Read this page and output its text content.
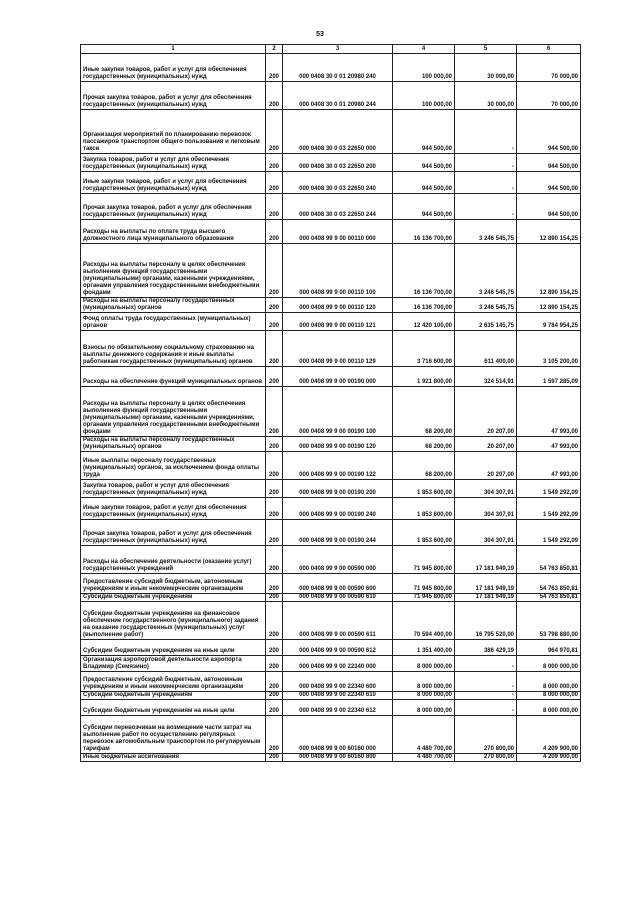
53
1	2	3	4	5	6
Иные закупки товаров, работ и услуг для обеспечения государственных (муниципальных) нужд	200	000 0408 30 0 01 20980 240	100 000,00	30 000,00	70 000,00
Прочая закупка товаров, работ и услуг для обеспечения государственных (муниципальных) нужд	200	000 0408 30 0 01 20980 244	100 000,00	30 000,00	70 000,00
Организация мероприятий по планированию перевозок пассажиров транспортом общего пользования и легковым такси	200	000 0408 30 0 03 22650 000	944 500,00	-	944 500,00
Закупка товаров, работ и услуг для обеспечения государственных (муниципальных) нужд	200	000 0408 30 0 03 22650 200	944 500,00	-	944 500,00
Иные закупки товаров, работ и услуг для обеспечения государственных (муниципальных) нужд	200	000 0408 30 0 03 22650 240	944 500,00	-	944 500,00
Прочая закупка товаров, работ и услуг для обеспечения государственных (муниципальных) нужд	200	000 0408 30 0 03 22650 244	944 500,00	-	944 500,00
Расходы на выплаты по оплате труда высшего должностного лица муниципального образования	200	000 0408 99 9 00 00110 000	16 136 700,00	3 246 545,75	12 890 154,25
Расходы на выплаты персоналу в целях обеспечения выполнения функций государственными (муниципальными) органами, казенными учреждениями, органами управления государственными внебюджетными фондами	200	000 0408 99 9 00 00110 100	16 136 700,00	3 246 545,75	12 890 154,25
Расходы на выплаты персоналу государственных (муниципальных) органов	200	000 0408 99 9 00 00110 120	16 136 700,00	3 246 545,75	12 890 154,25
Фонд оплаты труда государственных (муниципальных) органов	200	000 0408 99 9 00 00110 121	12 420 100,00	2 635 145,75	9 784 954,25
Взносы по обязательному социальному страхованию на выплаты денежного содержания и иные выплаты работникам государственных (муниципальных) органов	200	000 0408 99 9 00 00110 129	3 716 600,00	611 400,00	3 105 200,00
Расходы на обеспечение функций муниципальных органов	200	000 0408 99 9 00 00190 000	1 921 800,00	324 514,91	1 597 285,09
Расходы на выплаты персоналу в целях обеспечения выполнения функций государственными (муниципальными) органами, казенными учреждениями, органами управления государственными внебюджетными фондами	200	000 0408 99 9 00 00190 100	68 200,00	20 207,00	47 993,00
Расходы на выплаты персоналу государственных (муниципальных) органов	200	000 0408 99 9 00 00190 120	68 200,00	20 207,00	47 993,00
Иные выплаты персоналу государственных (муниципальных) органов, за исключением фонда оплаты труда	200	000 0408 99 9 00 00190 122	68 200,00	20 207,00	47 993,00
Закупка товаров, работ и услуг для обеспечения государственных (муниципальных) нужд	200	000 0408 99 9 00 00190 200	1 853 600,00	304 307,91	1 549 292,09
Иные закупки товаров, работ и услуг для обеспечения государственных (муниципальных) нужд	200	000 0408 99 9 00 00190 240	1 853 600,00	304 307,91	1 549 292,09
Прочая закупка товаров, работ и услуг для обеспечения государственных (муниципальных) нужд	200	000 0408 99 9 00 00190 244	1 853 600,00	304 307,91	1 549 292,09
Расходы на обеспечение деятельности (оказание услуг) государственных учреждений	200	000 0408 99 9 00 00590 000	71 945 800,00	17 181 949,19	54 763 850,81
Предоставление субсидий бюджетным, автономным учреждениям и иным некоммерческим организациям	200	000 0408 99 9 00 00590 600	71 945 800,00	17 181 949,19	54 763 850,81
Субсидии бюджетным учреждениям	200	000 0408 99 9 00 00590 610	71 945 800,00	17 181 949,19	54 763 850,81
Субсидии бюджетным учреждениям на финансовое обеспечение государственного (муниципального) задания на оказание государственных (муниципальных) услуг (выполнение работ)	200	000 0408 99 9 00 00590 611	70 594 400,00	16 795 520,00	53 798 880,00
Субсидии бюджетным учреждениям на иные цели	200	000 0408 99 9 00 00590 612	1 351 400,00	386 429,19	964 970,81
Организация аэропортовой деятельности аэропорта Владимир (Семязино)	200	000 0408 99 9 00 22340 000	8 000 000,00	-	8 000 000,00
Предоставление субсидий бюджетным, автономным учреждениям и иным некоммерческим организациям	200	000 0408 99 9 00 22340 600	8 000 000,00	-	8 000 000,00
Субсидии бюджетным учреждениям	200	000 0408 99 9 00 22340 610	8 000 000,00	-	8 000 000,00
Субсидии бюджетным учреждениям на иные цели	200	000 0408 99 9 00 22340 612	8 000 000,00	-	8 000 000,00
Субсидии перевозчикам на возмещение части затрат на выполнение работ по осуществлению регулярных перевозок автомобильным транспортом по регулируемым тарифам	200	000 0408 99 9 00 60160 000	4 480 700,00	270 800,00	4 209 900,00
Иные бюджетные ассигнования	200	000 0408 99 9 00 60160 800	4 480 700,00	270 800,00	4 209 900,00
